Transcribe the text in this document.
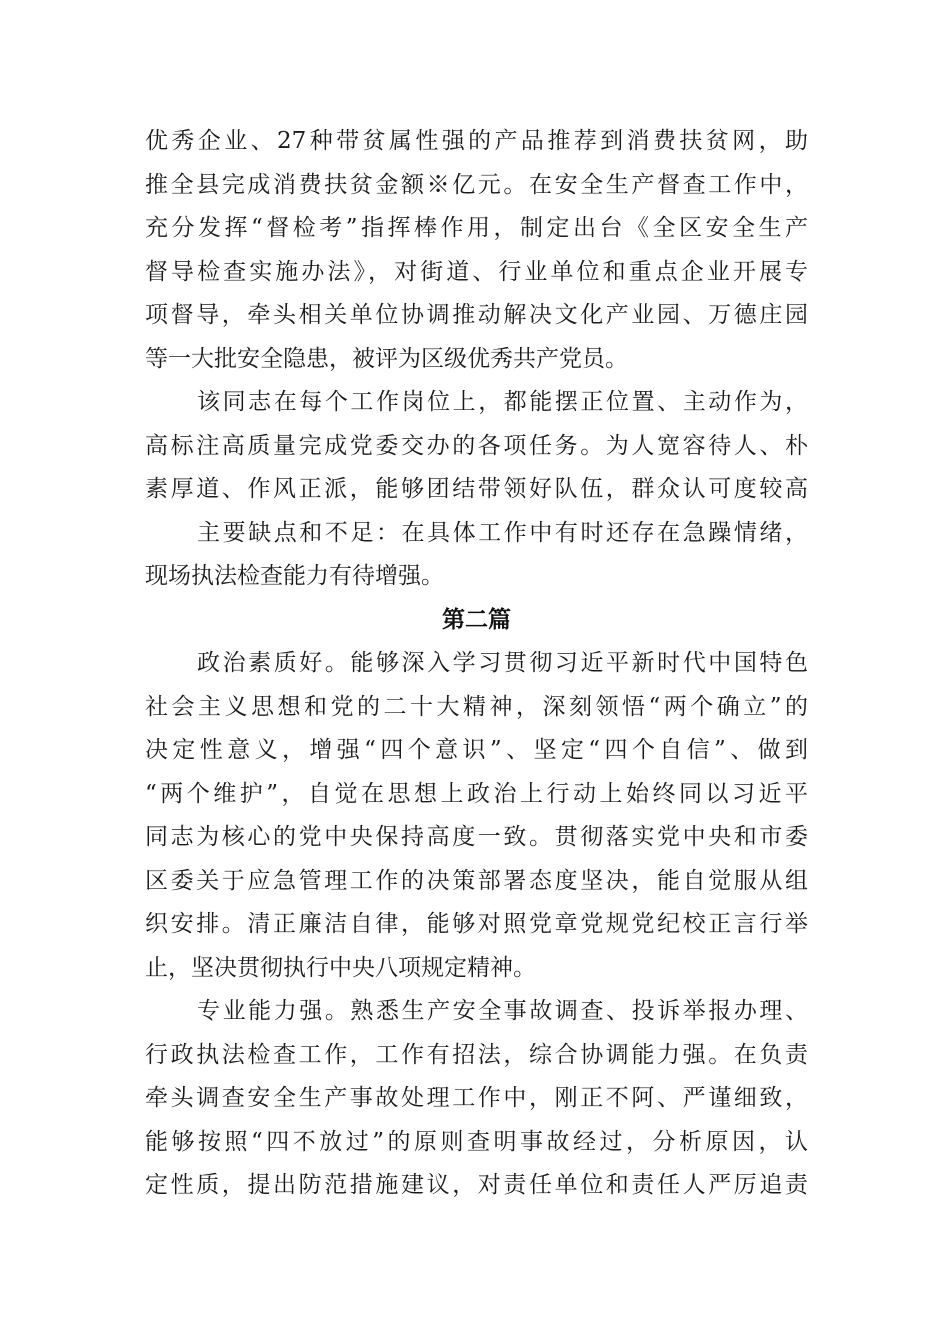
优秀企业、27种带贫属性强的产品推荐到消费扶贫网，助
推全县完成消费扶贫金额※亿元。在安全生产督查工作中，
充分发挥“督检考”指挥棒作用，制定出台《全区安全生产
督导检查实施办法》，对街道、行业单位和重点企业开展专
项督导，牵头相关单位协调推动解决文化产业园、万德庄园
等一大批安全隐患，被评为区级优秀共产党员。
该同志在每个工作岗位上，都能摆正位置、主动作为，
高标注高质量完成党委交办的各项任务。为人宽容待人、朴
素厚道、作风正派，能够团结带领好队伍，群众认可度较高
主要缺点和不足：在具体工作中有时还存在急躁情绪，
现场执法检查能力有待增强。
第二篇
政治素质好。能够深入学习贯彻习近平新时代中国特色
社会主义思想和党的二十大精神，深刻领悟“两个确立”的
决定性意义，增强“四个意识”、坚定“四个自信”、做到
“两个维护”，自觉在思想上政治上行动上始终同以习近平
同志为核心的党中央保持高度一致。贯彻落实党中央和市委
区委关于应急管理工作的决策部署态度坚决，能自觉服从组
织安排。清正廉洁自律，能够对照党章党规党纪校正言行举
止，坚决贯彻执行中央八项规定精神。
专业能力强。熟悉生产安全事故调查、投诉举报办理、
行政执法检查工作，工作有招法，综合协调能力强。在负责
牵头调查安全生产事故处理工作中，刚正不阿、严谨细致，
能够按照“四不放过”的原则查明事故经过，分析原因，认
定性质，提出防范措施建议，对责任单位和责任人严厉追责
